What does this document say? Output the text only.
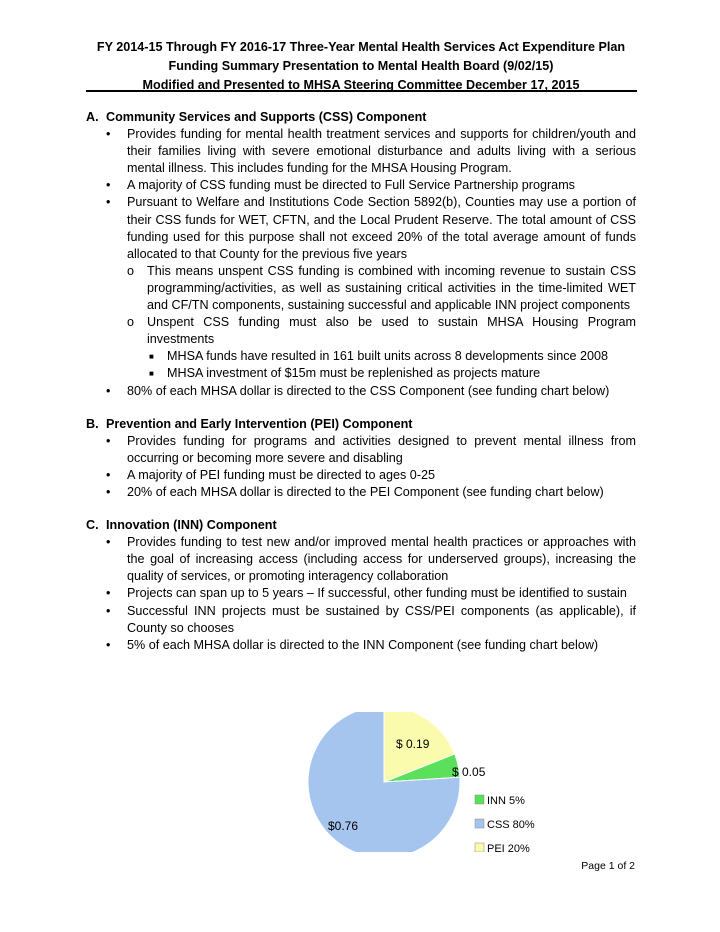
FY 2014-15 Through FY 2016-17 Three-Year Mental Health Services Act Expenditure Plan
Funding Summary Presentation to Mental Health Board (9/02/15)
Modified and Presented to MHSA Steering Committee December 17, 2015
A. Community Services and Supports (CSS) Component
• Provides funding for mental health treatment services and supports for children/youth and their families living with severe emotional disturbance and adults living with a serious mental illness. This includes funding for the MHSA Housing Program.
• A majority of CSS funding must be directed to Full Service Partnership programs
• Pursuant to Welfare and Institutions Code Section 5892(b), Counties may use a portion of their CSS funds for WET, CFTN, and the Local Prudent Reserve. The total amount of CSS funding used for this purpose shall not exceed 20% of the total average amount of funds allocated to that County for the previous five years
o This means unspent CSS funding is combined with incoming revenue to sustain CSS programming/activities, as well as sustaining critical activities in the time-limited WET and CF/TN components, sustaining successful and applicable INN project components
o Unspent CSS funding must also be used to sustain MHSA Housing Program investments
■ MHSA funds have resulted in 161 built units across 8 developments since 2008
■ MHSA investment of $15m must be replenished as projects mature
• 80% of each MHSA dollar is directed to the CSS Component (see funding chart below)
B. Prevention and Early Intervention (PEI) Component
• Provides funding for programs and activities designed to prevent mental illness from occurring or becoming more severe and disabling
• A majority of PEI funding must be directed to ages 0-25
• 20% of each MHSA dollar is directed to the PEI Component (see funding chart below)
C. Innovation (INN) Component
• Provides funding to test new and/or improved mental health practices or approaches with the goal of increasing access (including access for underserved groups), increasing the quality of services, or promoting interagency collaboration
• Projects can span up to 5 years – If successful, other funding must be identified to sustain
• Successful INN projects must be sustained by CSS/PEI components (as applicable), if County so chooses
• 5% of each MHSA dollar is directed to the INN Component (see funding chart below)
$ 0.05
$0.76
$ 0.19
INN 5%
CSS 80%
PEI 20%
Page 1 of 2
